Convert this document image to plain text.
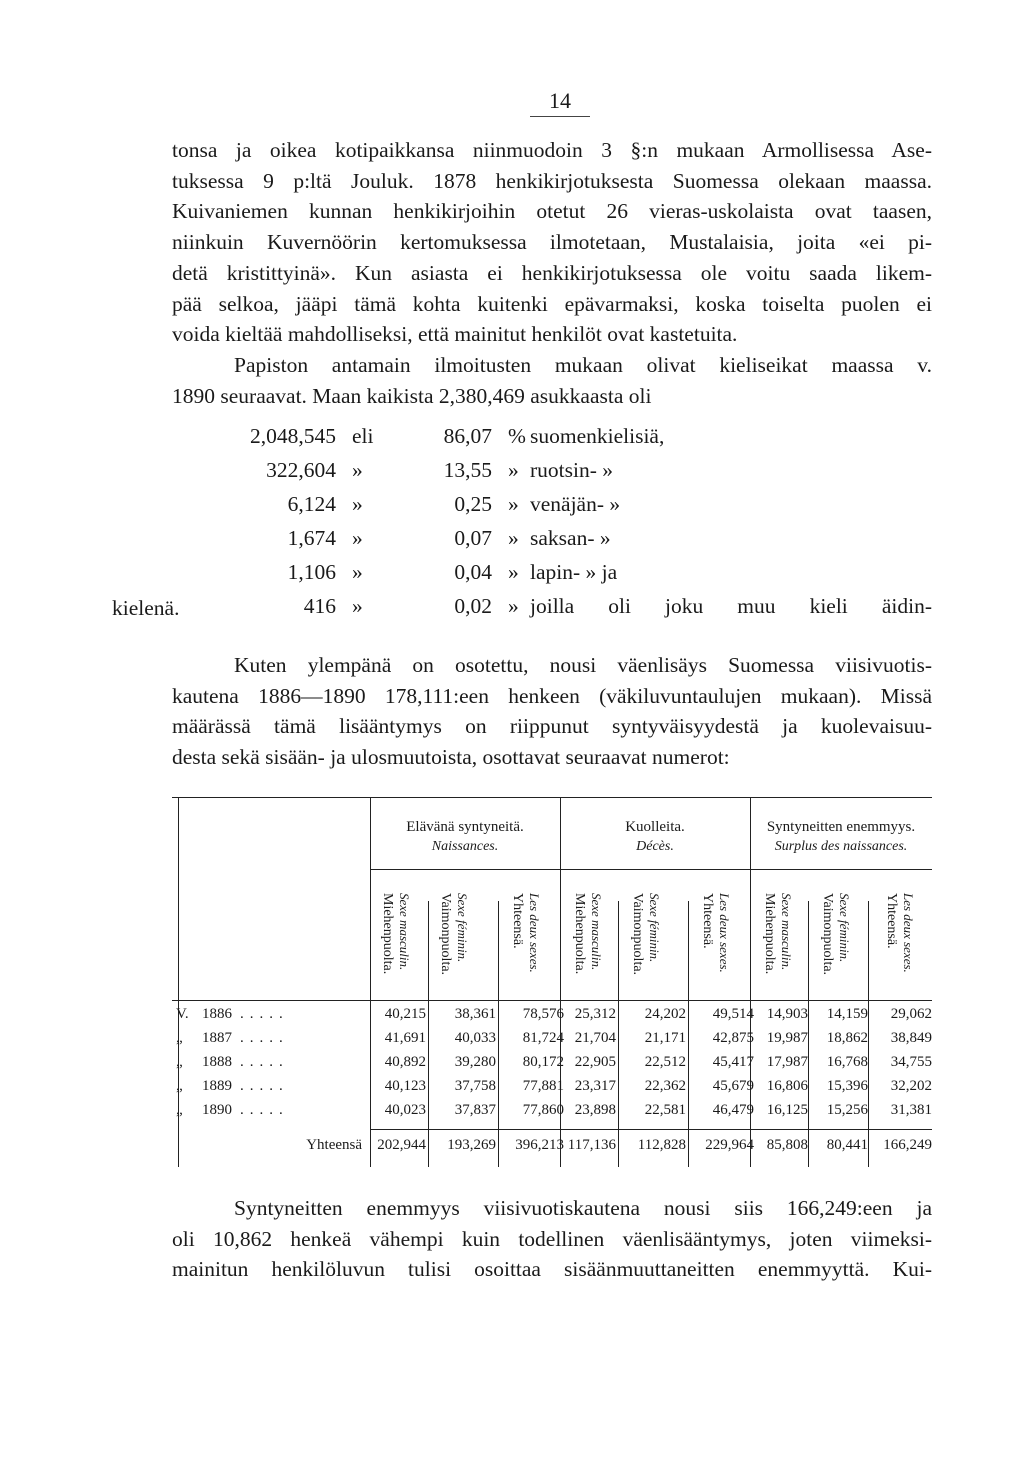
14
tonsa ja oikea kotipaikkansa niinmuodoin 3 §:n mukaan Armollisessa Ase-
tuksessa 9 p:ltä Jouluk. 1878 henkikirjotuksesta Suomessa olekaan maassa.
Kuivaniemen kunnan henkikirjoihin otetut 26 vieras-uskolaista ovat taasen,
niinkuin Kuvernöörin kertomuksessa ilmotetaan, Mustalaisia, joita «ei pi-
detä kristittyinä». Kun asiasta ei henkikirjotuksessa ole voitu saada likem-
pää selkoa, jääpi tämä kohta kuitenki epävarmaksi, koska toiselta puolen ei
voida kieltää mahdolliseksi, että mainitut henkilöt ovat kastetuita.
Papiston antamain ilmoitusten mukaan olivat kieliseikat maassa v.
1890 seuraavat. Maan kaikista 2,380,469 asukkaasta oli
2,048,545 eli	86,07 % suomenkielisiä,
322,604 »	13,55 » ruotsin- »
6,124 »	0,25 » venäjän- »
1,674 »	0,07 » saksan- »
1,106 »	0,04 » lapin- » ja
416 »	0,02 » joilla oli joku muu kieli äidin-
kielenä.
Kuten ylempänä on osotettu, nousi väenlisäys Suomessa viisivuotis-
kautena 1886—1890 178,111:een henkeen (väkiluvuntaulujen mukaan). Missä
määrässä tämä lisääntymys on riippunut syntyväisyydestä ja kuolevaisuu-
desta sekä sisään- ja ulosmuutoista, osottavat seuraavat numerot:
Elävänä syntyneitä.
Naissances.
Kuolleita.
Décès.
Syntyneitten enemmyys.
Surplus des naissances.
Miehenpuolta. Sexe masculin. Vaimonpuolta. Sexe féminin.	Yhteensä. Les deux sexes. Miehenpuolta. Sexe masculin. Vaimonpuolta. Sexe féminin.	Yhteensä. Les deux sexes. Miehenpuolta. Sexe masculin. Vaimonpuolta. Sexe féminin. Yhteensä. Les deux sexes.
V. 1886 .....	40,215	38,361	78,576 25,312	24,202	49,514 14,903	14,159	29,062
„ 1887 .....	41,691	40,033	81,724 21,704	21,171	42,875 19,987	18,862	38,849
„ 1888 .....	40,892	39,280	80,172 22,905	22,512	45,417 17,987	16,768	34,755
„ 1889 .....	40,123	37,758	77,881 23,317	22,362	45,679 16,806	15,396	32,202
„ 1890 .....	40,023	37,837	77,860 23,898	22,581	46,479 16,125	15,256	31,381
Yhteensä	202,944	193,269	396,213 117,136	112,828	229,964 85,808	80,441	166,249
Syntyneitten enemmyys viisivuotiskautena nousi siis 166,249:een ja
oli 10,862 henkeä vähempi kuin todellinen väenlisääntymys, joten viimeksi-
mainitun henkilöluvun tulisi osoittaa sisäänmuuttaneitten enemmyyttä. Kui-
